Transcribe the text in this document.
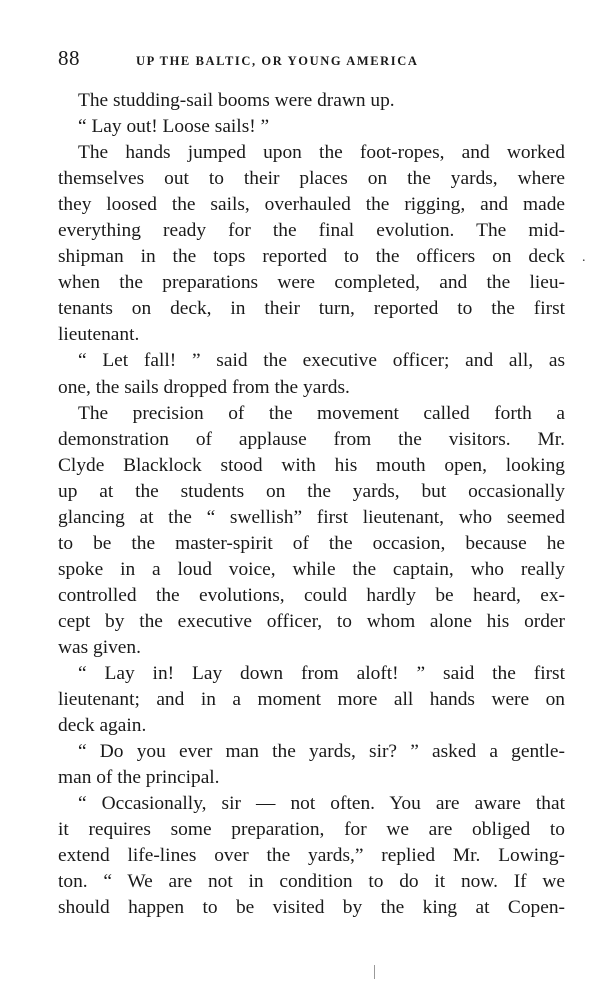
88	UP THE BALTIC, OR YOUNG AMERICA
The studding-sail booms were drawn up.
“ Lay out! Loose sails! ”
The hands jumped upon the foot-ropes, and worked
themselves out to their places on the yards, where
they loosed the sails, overhauled the rigging, and made
everything ready for the final evolution. The mid-
shipman in the tops reported to the officers on deck
when the preparations were completed, and the lieu-
tenants on deck, in their turn, reported to the first
lieutenant.
“ Let fall! ” said the executive officer; and all, as
one, the sails dropped from the yards.
The precision of the movement called forth a
demonstration of applause from the visitors. Mr.
Clyde Blacklock stood with his mouth open, looking
up at the students on the yards, but occasionally
glancing at the “ swellish” first lieutenant, who seemed
to be the master-spirit of the occasion, because he
spoke in a loud voice, while the captain, who really
controlled the evolutions, could hardly be heard, ex-
cept by the executive officer, to whom alone his order
was given.
“ Lay in! Lay down from aloft! ” said the first
lieutenant; and in a moment more all hands were on
deck again.
“ Do you ever man the yards, sir? ” asked a gentle-
man of the principal.
“ Occasionally, sir — not often. You are aware that
it requires some preparation, for we are obliged to
extend life-lines over the yards,” replied Mr. Lowing-
ton. “ We are not in condition to do it now. If we
should happen to be visited by the king at Copen-
.
